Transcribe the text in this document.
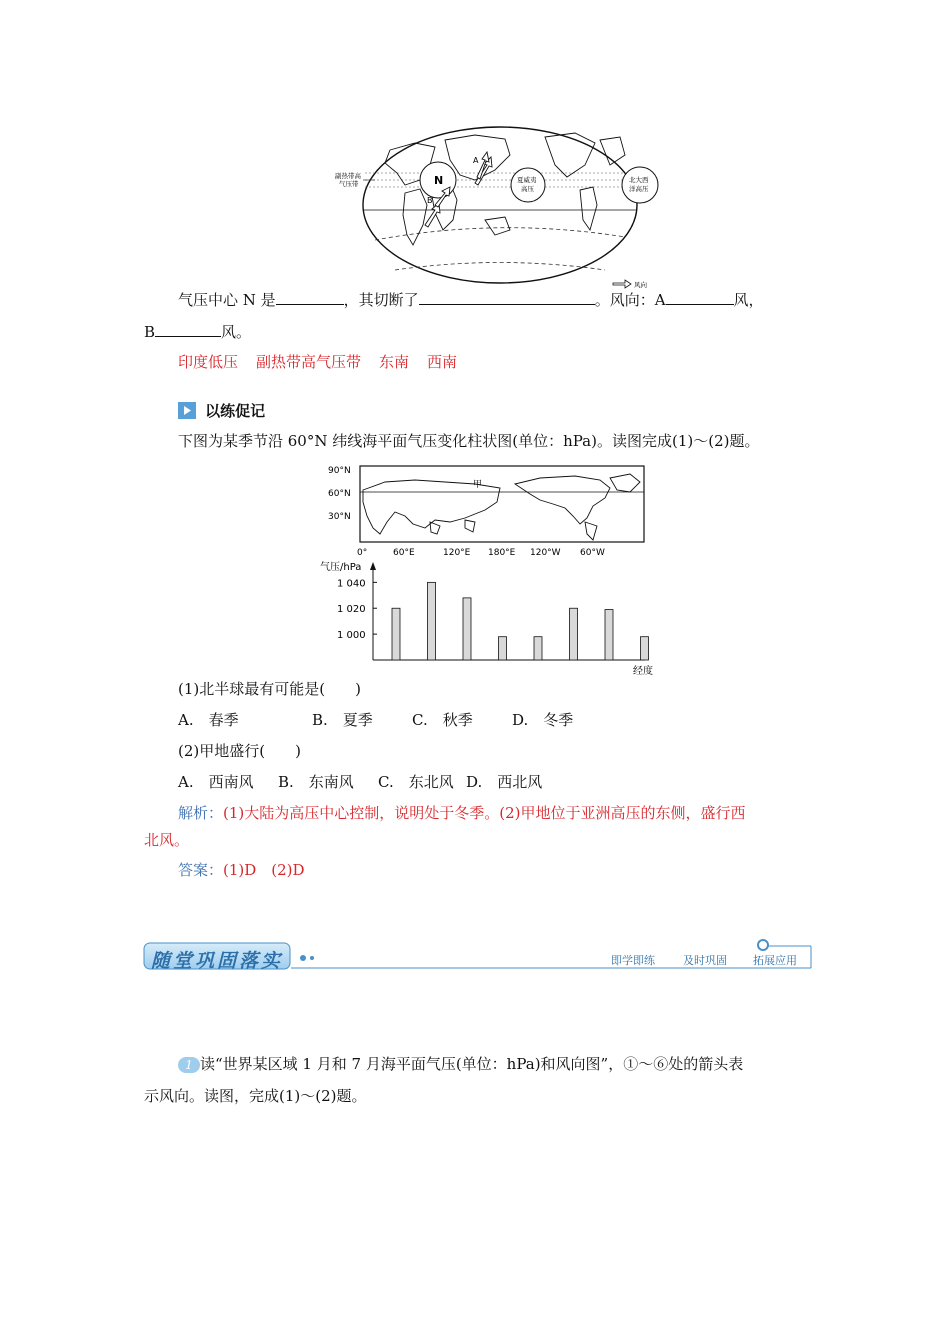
N	夏威夷
高压
北大西
洋高压
副热带高
气压带
A
B
风向
气压中心 N 是	，其切断了	。风向：A	风，
B	风。
印度低压 副热带高气压带 东南 西南
以练促记
下图为某季节沿 60°N 纬线海平面气压变化柱状图(单位：hPa)。读图完成(1)～(2)题。
90°N
60°N
30°N
甲
0°	60°E	120°E 180°E 120°W 60°W
气压/hPa
经度
1 040
1 020
1 000
(1)北半球最有可能是(　　)
A.　春季	B.　夏季	C.　秋季	D.　冬季
(2)甲地盛行(　　)
A.　西南风 B.　东南风 C.　东北风 D.　西北风
解析：(1)大陆为高压中心控制，说明处于冬季。(2)甲地位于亚洲高压的东侧，盛行西
北风。
答案：(1)D　(2)D
随堂巩固落实	即学即练	及时巩固 拓展应用
1 读“世界某区域 1 月和 7 月海平面气压(单位：hPa)和风向图”，①～⑥处的箭头表
示风向。读图，完成(1)～(2)题。
